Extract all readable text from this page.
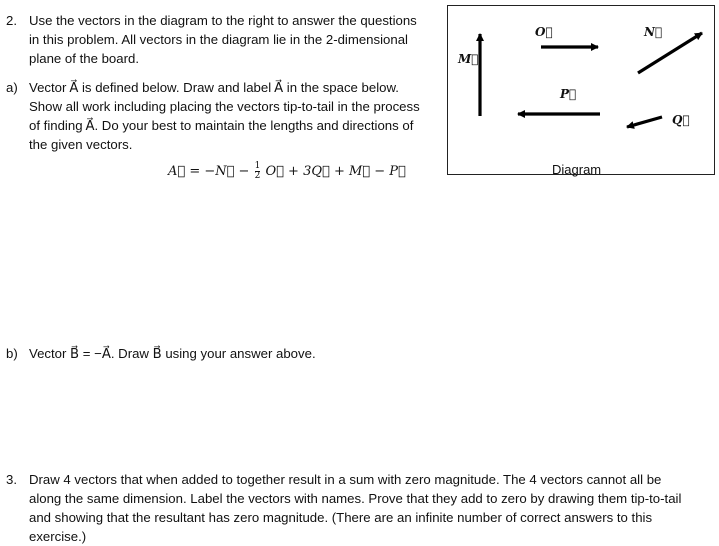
2. Use the vectors in the diagram to the right to answer the questions

in this problem. All vectors in the diagram lie in the 2-dimensional

plane of the board.

a) Vector A⃗ is defined below. Draw and label A⃗ in the space below.

Show all work including placing the vectors tip-to-tail in the process

of finding A⃗. Do your best to maintain the lengths and directions of

the given vectors.

A⃗ = −N⃗ − $\frac{1}{2}$ O⃗ + 3Q⃗ + M⃗ − P⃗
M⃗
O⃗	N⃗
P⃗
Q⃗
Diagram
b) Vector B⃗ = −A⃗. Draw B⃗ using your answer above.

3. Draw 4 vectors that when added to together result in a sum with zero magnitude. The 4 vectors cannot all be

along the same dimension. Label the vectors with names. Prove that they add to zero by drawing them tip-to-tail

and showing that the resultant has zero magnitude. (There are an infinite number of correct answers to this

exercise.)
